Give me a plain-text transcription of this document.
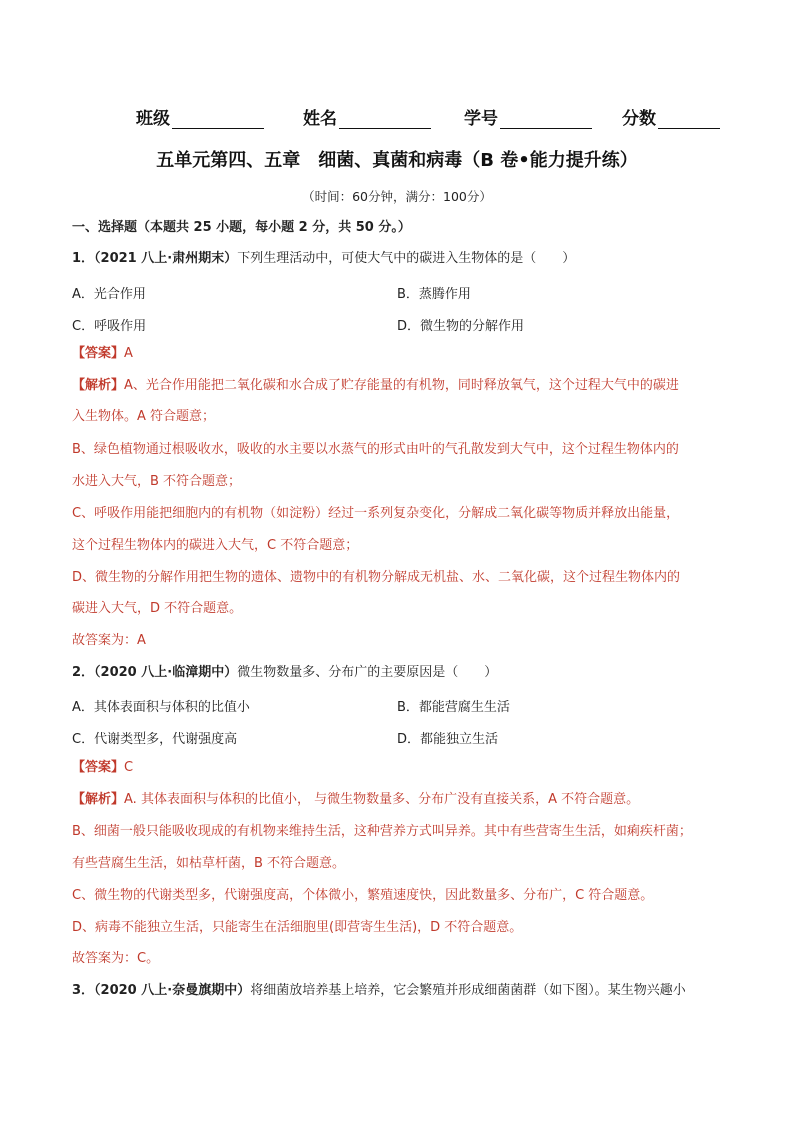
班级	姓名	学号	分数
五单元第四、五章　细菌、真菌和病毒（B 卷•能力提升练）
（时间：60分钟，满分：100分）
一、选择题（本题共 25 小题，每小题 2 分，共 50 分。）
1．（2021 八上·肃州期末）下列生理活动中，可使大气中的碳进入生物体的是（　　）
A．光合作用	B．蒸腾作用
C．呼吸作用	D．微生物的分解作用
【答案】A
【解析】A、光合作用能把二氧化碳和水合成了贮存能量的有机物，同时释放氧气，这个过程大气中的碳进
入生物体。A 符合题意；
B、绿色植物通过根吸收水，吸收的水主要以水蒸气的形式由叶的气孔散发到大气中，这个过程生物体内的
水进入大气，B 不符合题意；
C、呼吸作用能把细胞内的有机物（如淀粉）经过一系列复杂变化，分解成二氧化碳等物质并释放出能量，
这个过程生物体内的碳进入大气，C 不符合题意；
D、微生物的分解作用把生物的遗体、遗物中的有机物分解成无机盐、水、二氧化碳，这个过程生物体内的
碳进入大气，D 不符合题意。
故答案为：A
2．（2020 八上·临漳期中）微生物数量多、分布广的主要原因是（　　）
A．其体表面积与体积的比值小	B．都能营腐生生活
C．代谢类型多，代谢强度高	D．都能独立生活
【答案】C
【解析】A. 其体表面积与体积的比值小， 与微生物数量多、分布广没有直接关系，A 不符合题意。
B、细菌一般只能吸收现成的有机物来维持生活，这种营养方式叫异养。其中有些营寄生生活，如痢疾杆菌；
有些营腐生生活，如枯草杆菌，B 不符合题意。
C、微生物的代谢类型多，代谢强度高，个体微小，繁殖速度快，因此数量多、分布广，C 符合题意。
D、病毒不能独立生活，只能寄生在活细胞里(即营寄生生活)，D 不符合题意。
故答案为：C。
3．（2020 八上·奈曼旗期中）将细菌放培养基上培养，它会繁殖并形成细菌菌群（如下图）。某生物兴趣小
